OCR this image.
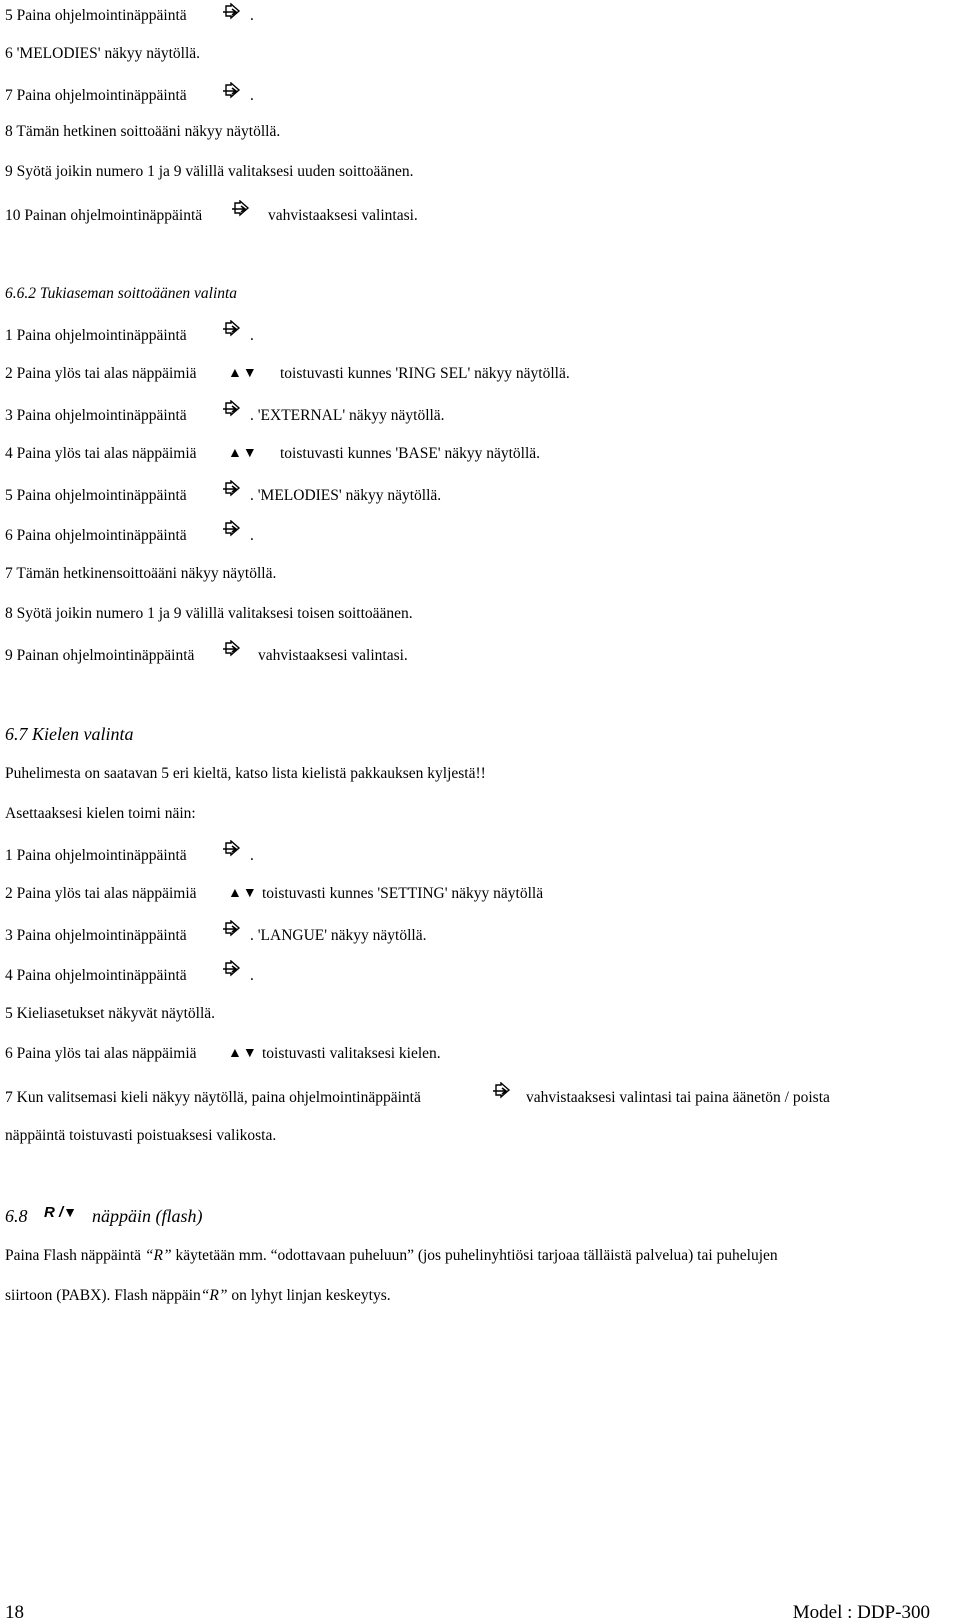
5 Paina ohjelmointinäppäintä	.
6 'MELODIES' näkyy näytöllä.
7 Paina ohjelmointinäppäintä	.
8 Tämän hetkinen soittoääni näkyy näytöllä.
9 Syötä joikin numero 1 ja 9 välillä valitaksesi uuden soittoäänen.
10 Painan ohjelmointinäppäintä	vahvistaaksesi valintasi.
6.6.2 Tukiaseman soittoäänen valinta
1 Paina ohjelmointinäppäintä	.
2 Paina ylös tai alas näppäimiä ▲▼ toistuvasti kunnes 'RING SEL' näkyy näytöllä.
3 Paina ohjelmointinäppäintä	. 'EXTERNAL' näkyy näytöllä.
4 Paina ylös tai alas näppäimiä ▲▼ toistuvasti kunnes 'BASE' näkyy näytöllä.
5 Paina ohjelmointinäppäintä	. 'MELODIES' näkyy näytöllä.
6 Paina ohjelmointinäppäintä	.
7 Tämän hetkinensoittoääni näkyy näytöllä.
8 Syötä joikin numero 1 ja 9 välillä valitaksesi toisen soittoäänen.
9 Painan ohjelmointinäppäintä	vahvistaaksesi valintasi.
6.7 Kielen valinta
Puhelimesta on saatavan 5 eri kieltä, katso lista kielistä pakkauksen kyljestä!!
Asettaaksesi kielen toimi näin:
1 Paina ohjelmointinäppäintä	.
2 Paina ylös tai alas näppäimiä ▲▼ toistuvasti kunnes 'SETTING' näkyy näytöllä
3 Paina ohjelmointinäppäintä	. 'LANGUE' näkyy näytöllä.
4 Paina ohjelmointinäppäintä	.
5 Kieliasetukset näkyvät näytöllä.
6 Paina ylös tai alas näppäimiä ▲▼ toistuvasti valitaksesi kielen.
7 Kun valitsemasi kieli näkyy näytöllä, paina ohjelmointinäppäintä	vahvistaaksesi valintasi tai paina äänetön / poista
näppäintä toistuvasti poistuaksesi valikosta.
6.8 R /▼ näppäin (flash)
Paina Flash näppäintä “R” käytetään mm. “odottavaan puheluun” (jos puhelinyhtiösi tarjoaa tälläistä palvelua) tai puhelujen
siirtoon (PABX). Flash näppäin“R” on lyhyt linjan keskeytys.
18	Model : DDP-300
